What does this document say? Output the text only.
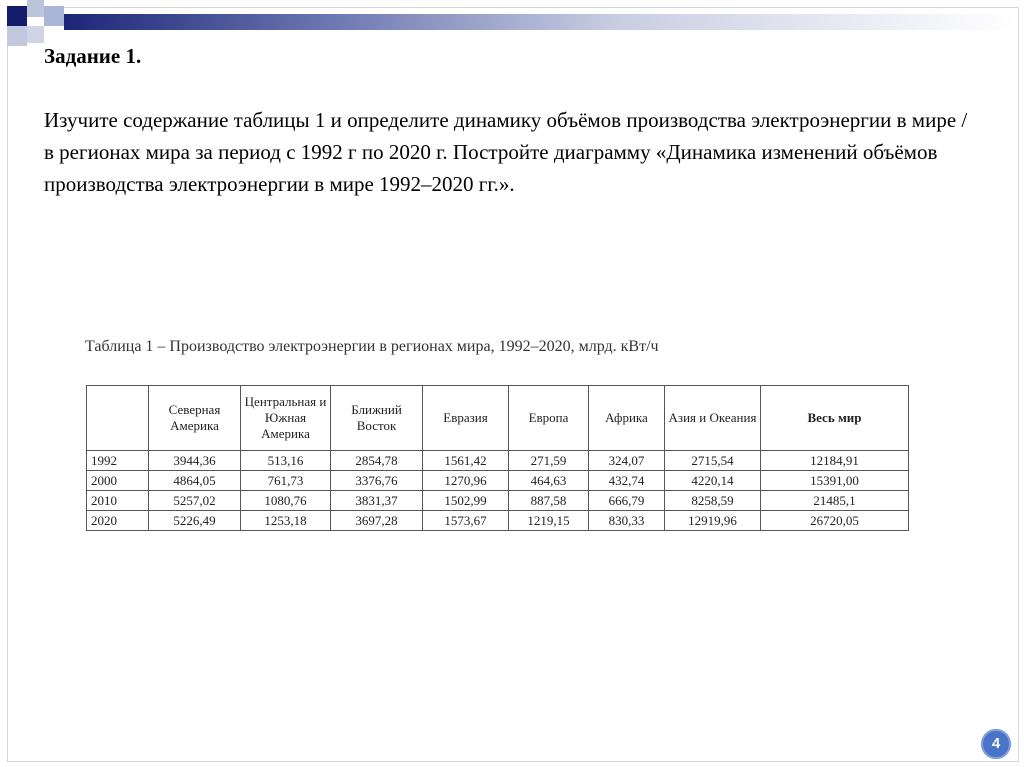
Задание 1.
Изучите содержание таблицы 1 и определите динамику объёмов производства электроэнергии в мире / в регионах мира за период с 1992 г по 2020 г. Постройте диаграмму «Динамика изменений объёмов производства электроэнергии в мире 1992–2020 гг.».
Таблица 1 – Производство электроэнергии в регионах мира, 1992–2020, млрд. кВт/ч
	Северная Америка	Центральная и Южная Америка	Ближний Восток	Евразия	Европа	Африка	Азия и Океания	Весь мир
1992	3944,36	513,16	2854,78	1561,42	271,59	324,07	2715,54	12184,91
2000	4864,05	761,73	3376,76	1270,96	464,63	432,74	4220,14	15391,00
2010	5257,02	1080,76	3831,37	1502,99	887,58	666,79	8258,59	21485,1
2020	5226,49	1253,18	3697,28	1573,67	1219,15	830,33	12919,96	26720,05
4
